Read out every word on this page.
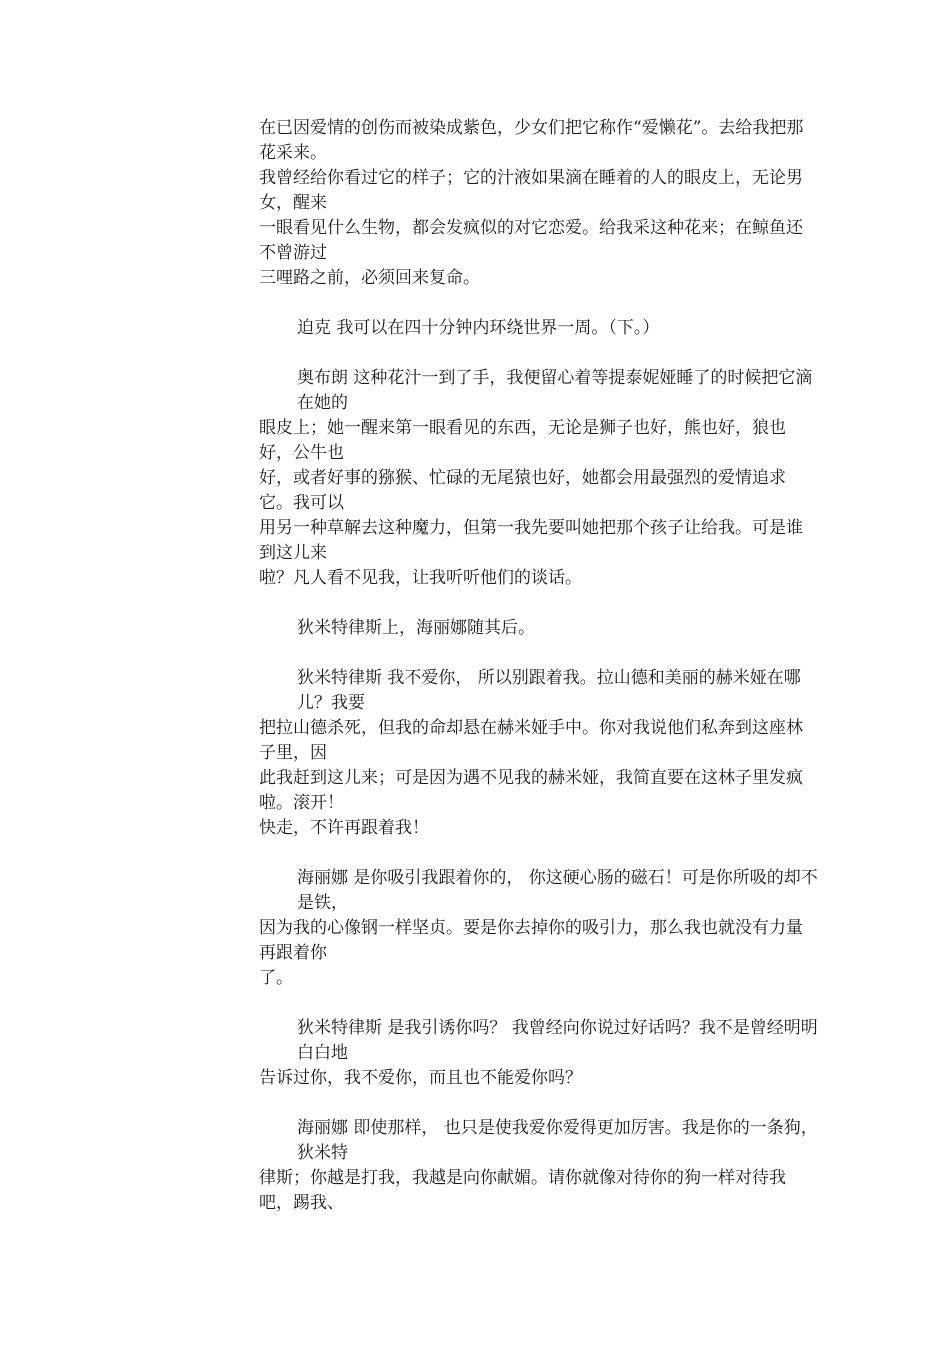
在已因爱情的创伤而被染成紫色，少女们把它称作“爱懒花”。去给我把那花采来。
我曾经给你看过它的样子；它的汁液如果滴在睡着的人的眼皮上，无论男女，醒来
一眼看见什么生物，都会发疯似的对它恋爱。给我采这种花来；在鲸鱼还不曾游过
三哩路之前，必须回来复命。
迫克 我可以在四十分钟内环绕世界一周。（下。）
奥布朗 这种花汁一到了手，我便留心着等提泰妮娅睡了的时候把它滴在她的
眼皮上；她一醒来第一眼看见的东西，无论是狮子也好，熊也好，狼也好，公牛也
好，或者好事的猕猴、忙碌的无尾猿也好，她都会用最强烈的爱情追求它。我可以
用另一种草解去这种魔力，但第一我先要叫她把那个孩子让给我。可是谁到这儿来
啦？凡人看不见我，让我听听他们的谈话。
狄米特律斯上，海丽娜随其后。
狄米特律斯 我不爱你， 所以别跟着我。拉山德和美丽的赫米娅在哪儿？我要
把拉山德杀死，但我的命却悬在赫米娅手中。你对我说他们私奔到这座林子里，因
此我赶到这儿来；可是因为遇不见我的赫米娅，我简直要在这林子里发疯啦。滚开！
快走，不许再跟着我！
海丽娜 是你吸引我跟着你的， 你这硬心肠的磁石！可是你所吸的却不是铁，
因为我的心像钢一样坚贞。要是你去掉你的吸引力，那么我也就没有力量再跟着你
了。
狄米特律斯 是我引诱你吗？ 我曾经向你说过好话吗？我不是曾经明明白白地
告诉过你，我不爱你，而且也不能爱你吗？
海丽娜 即使那样， 也只是使我爱你爱得更加厉害。我是你的一条狗，狄米特
律斯；你越是打我，我越是向你献媚。请你就像对待你的狗一样对待我吧，踢我、
